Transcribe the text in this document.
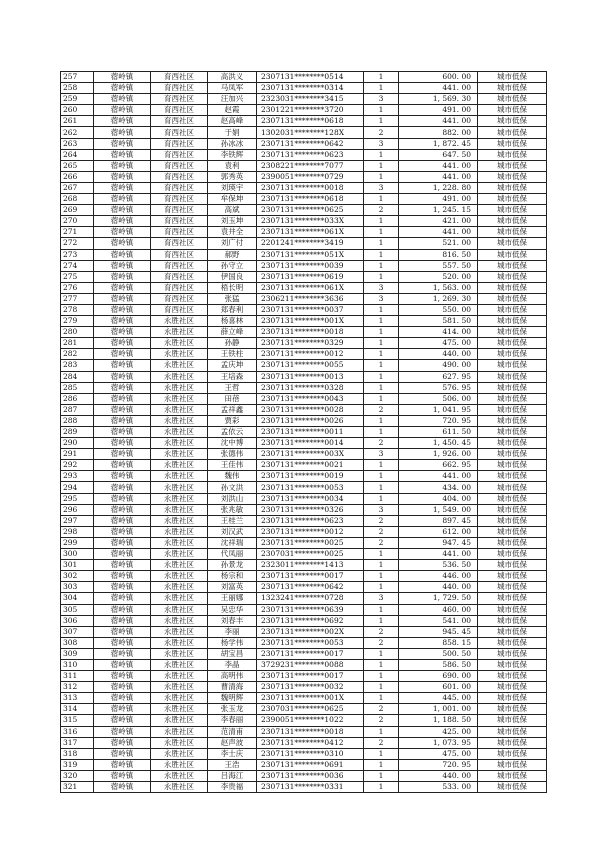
257	蓿岭镇	育西社区	高洪义	2307131********0514	1	600. 00	城市低保
258	蓿岭镇	育西社区	马凤军	2307131********0314	1	441. 00	城市低保
259	蓿岭镇	育西社区	汪加兴	2323031********3415	3	1, 569. 30	城市低保
260	蓿岭镇	育西社区	赵霞	2301221********3720	1	491. 00	城市低保
261	蓿岭镇	育西社区	赵高峰	2307131********0618	1	441. 00	城市低保
262	蓿岭镇	育西社区	于娟	1302031********128X	2	882. 00	城市低保
263	蓿岭镇	育西社区	孙冰冰	2307131********0642	3	1, 872. 45	城市低保
264	蓿岭镇	育西社区	李铁辉	2307131********0623	1	647. 50	城市低保
265	蓿岭镇	育西社区	袁利	2308221********7077	1	441. 00	城市低保
266	蓿岭镇	育西社区	郭秀英	2390051********0729	1	441. 00	城市低保
267	蓿岭镇	育西社区	刘瑛宇	2307131********0018	3	1, 228. 80	城市低保
268	蓿岭镇	育西社区	牟保坤	2307131********0618	1	491. 00	城市低保
269	蓿岭镇	育西社区	高斌	2307131********0625	2	1, 245. 15	城市低保
270	蓿岭镇	育西社区	刘玉坤	2307131********033X	1	421. 00	城市低保
271	蓿岭镇	育西社区	袁井全	2307131********061X	1	441. 00	城市低保
272	蓿岭镇	育西社区	刘广付	2201241********3419	1	521. 00	城市低保
273	蓿岭镇	育西社区	郝野	2307131********051X	1	816. 50	城市低保
274	蓿岭镇	育西社区	孙守立	2307131********0039	1	557. 50	城市低保
275	蓿岭镇	育西社区	伊国良	2307131********0619	1	520. 00	城市低保
276	蓿岭镇	育西社区	梧长明	2307131********061X	3	1, 563. 00	城市低保
277	蓿岭镇	育西社区	张猛	2306211********3636	3	1, 269. 30	城市低保
278	蓿岭镇	育西社区	郑春利	2307131********0037	1	550. 00	城市低保
279	蓿岭镇	永胜社区	杨喜林	2307131********001X	1	581. 50	城市低保
280	蓿岭镇	永胜社区	薛立峰	2307131********0018	1	414. 00	城市低保
281	蓿岭镇	永胜社区	孙静	2307131********0329	1	475. 00	城市低保
282	蓿岭镇	永胜社区	王铁柱	2307131********0012	1	440. 00	城市低保
283	蓿岭镇	永胜社区	孟庆坤	2307131********0055	1	490. 00	城市低保
284	蓿岭镇	永胜社区	王培森	2307131********0013	1	627. 95	城市低保
285	蓿岭镇	永胜社区	王哲	2307131********0328	1	576. 95	城市低保
286	蓿岭镇	永胜社区	田蓓	2307131********0043	1	506. 00	城市低保
287	蓿岭镇	永胜社区	孟祥鑫	2307131********0028	2	1, 041. 95	城市低保
288	蓿岭镇	永胜社区	贾彩	2307131********0026	1	720. 95	城市低保
289	蓿岭镇	永胜社区	孟依云	2307131********0011	1	611. 50	城市低保
290	蓿岭镇	永胜社区	沈中博	2307131********0014	2	1, 450. 45	城市低保
291	蓿岭镇	永胜社区	张德伟	2307131********003X	3	1, 926. 00	城市低保
292	蓿岭镇	永胜社区	王佳伟	2307131********0021	1	662. 95	城市低保
293	蓿岭镇	永胜社区	魏伟	2307131********0019	1	441. 00	城市低保
294	蓿岭镇	永胜社区	孙文洪	2307131********0053	1	434. 00	城市低保
295	蓿岭镇	永胜社区	刘洪山	2307131********0034	1	404. 00	城市低保
296	蓿岭镇	永胜社区	张兆敏	2307131********0326	3	1, 549. 00	城市低保
297	蓿岭镇	永胜社区	王桂兰	2307131********0623	2	897. 45	城市低保
298	蓿岭镇	永胜社区	刘汉武	2307131********0012	2	612. 00	城市低保
299	蓿岭镇	永胜社区	沈祥瑞	2307131********0025	2	947. 45	城市低保
300	蓿岭镇	永胜社区	代凤丽	2307031********0025	1	441. 00	城市低保
301	蓿岭镇	永胜社区	孙景龙	2323011********1413	1	536. 50	城市低保
302	蓿岭镇	永胜社区	杨宗和	2307131********0017	1	446. 00	城市低保
303	蓿岭镇	永胜社区	刘富英	2307131********0642	1	440. 00	城市低保
304	蓿岭镇	永胜社区	王丽娜	1323241********0728	3	1, 729. 50	城市低保
305	蓿岭镇	永胜社区	吴忠华	2307131********0639	1	460. 00	城市低保
306	蓿岭镇	永胜社区	刘春丰	2307131********0692	1	541. 00	城市低保
307	蓿岭镇	永胜社区	李丽	2307131********002X	2	945. 45	城市低保
308	蓿岭镇	永胜社区	杨学伟	2307131********0053	2	858. 15	城市低保
309	蓿岭镇	永胜社区	胡宝昌	2307131********0017	1	500. 50	城市低保
310	蓿岭镇	永胜社区	李晶	3729231********0088	1	586. 50	城市低保
311	蓿岭镇	永胜社区	高明伟	2307131********0017	1	690. 00	城市低保
312	蓿岭镇	永胜社区	曹清海	2307131********0032	1	601. 00	城市低保
313	蓿岭镇	永胜社区	魏明辉	2307131********001X	1	445. 00	城市低保
314	蓿岭镇	永胜社区	张玉龙	2307031********0625	2	1, 001. 00	城市低保
315	蓿岭镇	永胜社区	李春丽	2390051********1022	2	1, 188. 50	城市低保
316	蓿岭镇	永胜社区	范清甫	2307131********0018	1	425. 00	城市低保
317	蓿岭镇	永胜社区	赵声波	2307131********0412	2	1, 073. 95	城市低保
318	蓿岭镇	永胜社区	李士庆	2307131********0310	1	475. 00	城市低保
319	蓿岭镇	永胜社区	王浩	2307131********0691	1	720. 95	城市低保
320	蓿岭镇	永胜社区	吕海江	2307131********0036	1	440. 00	城市低保
321	蓿岭镇	永胜社区	李贵福	2307131********0331	1	533. 00	城市低保
